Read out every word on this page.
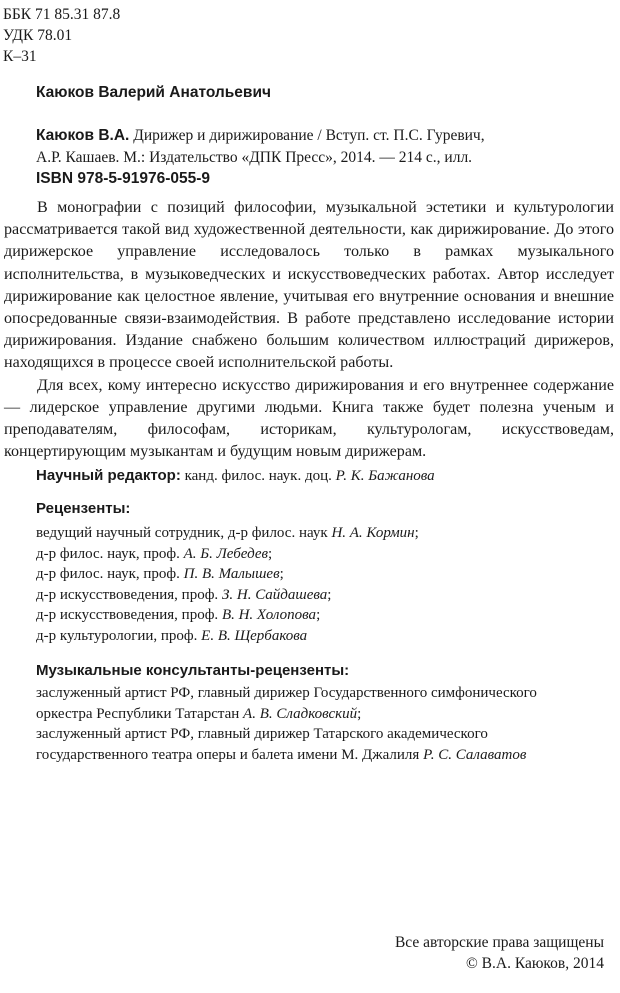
ББК 71 85.31 87.8
УДК 78.01
К–31
Каюков Валерий Анатольевич
Каюков В.А. Дирижер и дирижирование / Вступ. ст. П.С. Гуревич,
А.Р. Кашаев. М.: Издательство «ДПК Пресс», 2014. — 214 с., илл.
ISBN 978-5-91976-055-9

В монографии с позиций философии, музыкальной эстетики и культурологии рассматривается такой вид художественной деятельности, как дирижирование. До этого дирижерское управление исследовалось только в рамках музыкального исполнительства, в музыковедческих и искусствоведческих работах. Автор исследует дирижирование как целостное явление, учитывая его внутренние основания и внешние опосредованные связи-взаимодействия. В работе представлено исследование истории дирижирования. Издание снабжено большим количеством иллюстраций дирижеров, находящихся в процессе своей исполнительской работы.

Для всех, кому интересно искусство дирижирования и его внутреннее содержание — лидерское управление другими людьми. Книга также будет полезна ученым и преподавателям, философам, историкам, культурологам, искусствоведам, концертирующим музыкантам и будущим новым дирижерам.

Научный редактор: канд. филос. наук. доц. Р. К. Бажанова
Рецензенты:
ведущий научный сотрудник, д-р филос. наук Н. А. Кормин;
д-р филос. наук, проф. А. Б. Лебедев;
д-р филос. наук, проф. П. В. Малышев;
д-р искусствоведения, проф. З. Н. Сайдашева;
д-р искусствоведения, проф. В. Н. Холопова;
д-р культурологии, проф. Е. В. Щербакова
Музыкальные консультанты-рецензенты:
заслуженный артист РФ, главный дирижер Государственного симфонического
оркестра Республики Татарстан А. В. Сладковский;
заслуженный артист РФ, главный дирижер Татарского академического
государственного театра оперы и балета имени М. Джалиля Р. С. Салаватов
Все авторские права защищены
© В.А. Каюков, 2014
